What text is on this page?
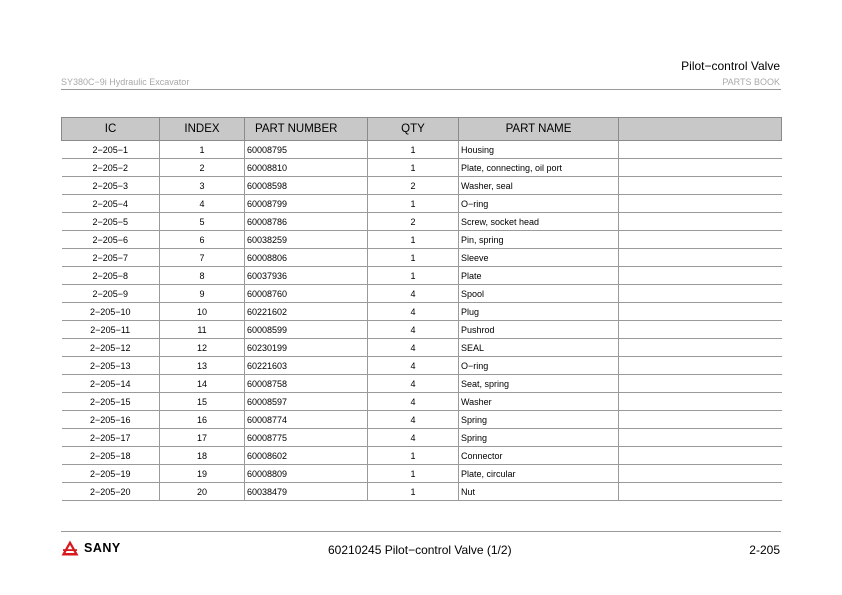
Pilot−control Valve
SY380C−9i Hydraulic Excavator	PARTS BOOK
IC	INDEX	PART NUMBER	QTY	PART NAME	
2−205−1	1	60008795	1	Housing	
2−205−2	2	60008810	1	Plate, connecting, oil port	
2−205−3	3	60008598	2	Washer, seal	
2−205−4	4	60008799	1	O−ring	
2−205−5	5	60008786	2	Screw, socket head	
2−205−6	6	60038259	1	Pin, spring	
2−205−7	7	60008806	1	Sleeve	
2−205−8	8	60037936	1	Plate	
2−205−9	9	60008760	4	Spool	
2−205−10	10	60221602	4	Plug	
2−205−11	11	60008599	4	Pushrod	
2−205−12	12	60230199	4	SEAL	
2−205−13	13	60221603	4	O−ring	
2−205−14	14	60008758	4	Seat, spring	
2−205−15	15	60008597	4	Washer	
2−205−16	16	60008774	4	Spring	
2−205−17	17	60008775	4	Spring	
2−205−18	18	60008602	1	Connector	
2−205−19	19	60008809	1	Plate, circular	
2−205−20	20	60038479	1	Nut	
SANY	60210245 Pilot−control Valve (1/2)	2-205
